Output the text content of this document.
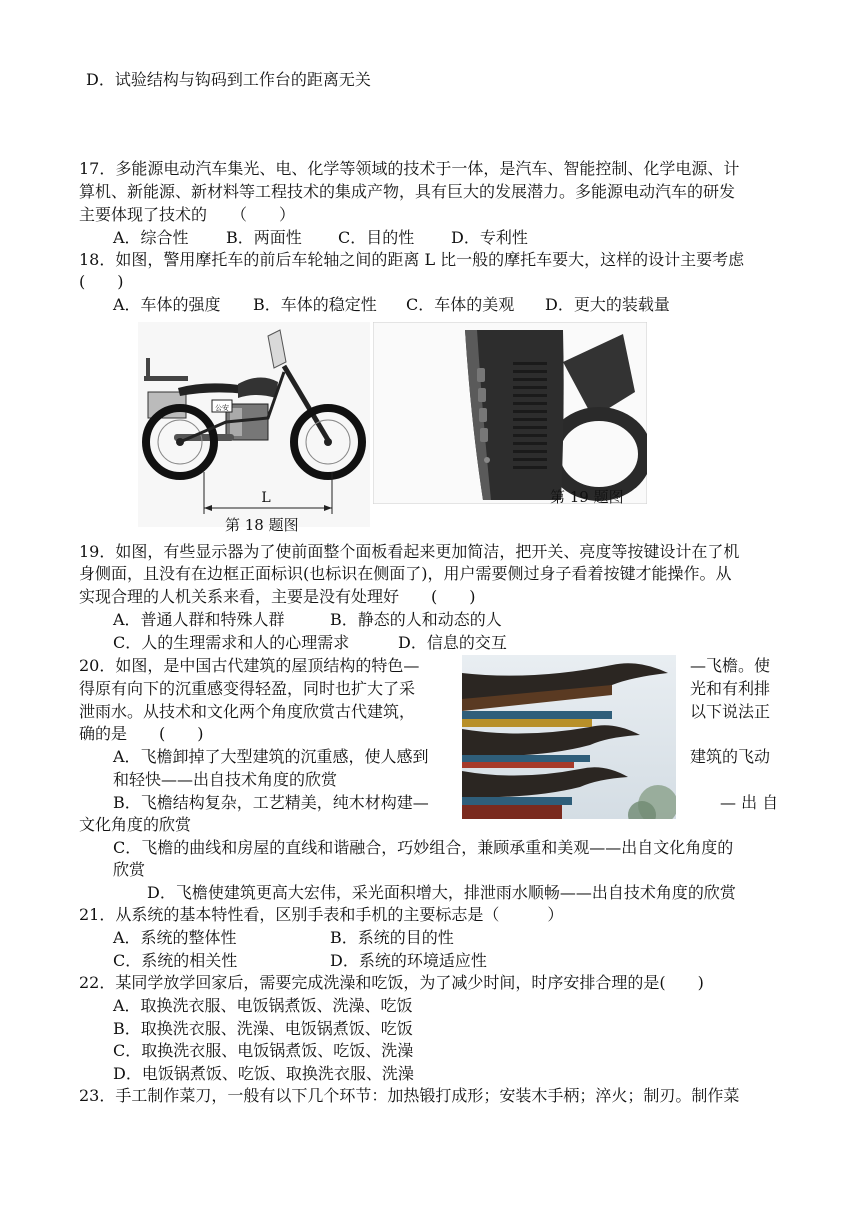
D．试验结构与钩码到工作台的距离无关
17．多能源电动汽车集光、电、化学等领域的技术于一体，是汽车、智能控制、化学电源、计
算机、新能源、新材料等工程技术的集成产物，具有巨大的发展潜力。多能源电动汽车的研发
主要体现了技术的　　（　　）
A．综合性 B．两面性 C．目的性 D．专利性
18．如图，警用摩托车的前后车轮轴之间的距离 L 比一般的摩托车要大，这样的设计主要考虑
(　　)
A．车体的强度 B．车体的稳定性 C．车体的美观 D．更大的装载量
公安
L
第 18 题图
第 19 题图
19．如图，有些显示器为了使前面整个面板看起来更加简洁，把开关、亮度等按键设计在了机
身侧面，且没有在边框正面标识(也标识在侧面了)，用户需要侧过身子看着按键才能操作。从
实现合理的人机关系来看，主要是没有处理好　　(　　)
A．普通人群和特殊人群	B．静态的人和动态的人
C．人的生理需求和人的心理需求	D．信息的交互
20．如图，是中国古代建筑的屋顶结构的特色—	—飞檐。使
得原有向下的沉重感变得轻盈，同时也扩大了采	光和有利排
泄雨水。从技术和文化两个角度欣赏古代建筑，	以下说法正
确的是　　(　　)
A．飞檐卸掉了大型建筑的沉重感，使人感到	建筑的飞动
和轻快——出自技术角度的欣赏
B．飞檐结构复杂，工艺精美，纯木材构建—	— 出 自
文化角度的欣赏
C．飞檐的曲线和房屋的直线和谐融合，巧妙组合，兼顾承重和美观——出自文化角度的
欣赏
D．飞檐使建筑更高大宏伟，采光面积增大，排泄雨水顺畅——出自技术角度的欣赏
21．从系统的基本特性看，区别手表和手机的主要标志是（　　　）
A．系统的整体性	B．系统的目的性
C．系统的相关性	D．系统的环境适应性
22．某同学放学回家后，需要完成洗澡和吃饭，为了减少时间，时序安排合理的是(　　)
A．取换洗衣服、电饭锅煮饭、洗澡、吃饭
B．取换洗衣服、洗澡、电饭锅煮饭、吃饭
C．取换洗衣服、电饭锅煮饭、吃饭、洗澡
D．电饭锅煮饭、吃饭、取换洗衣服、洗澡
23．手工制作菜刀，一般有以下几个环节：加热锻打成形；安装木手柄；淬火；制刃。制作菜
